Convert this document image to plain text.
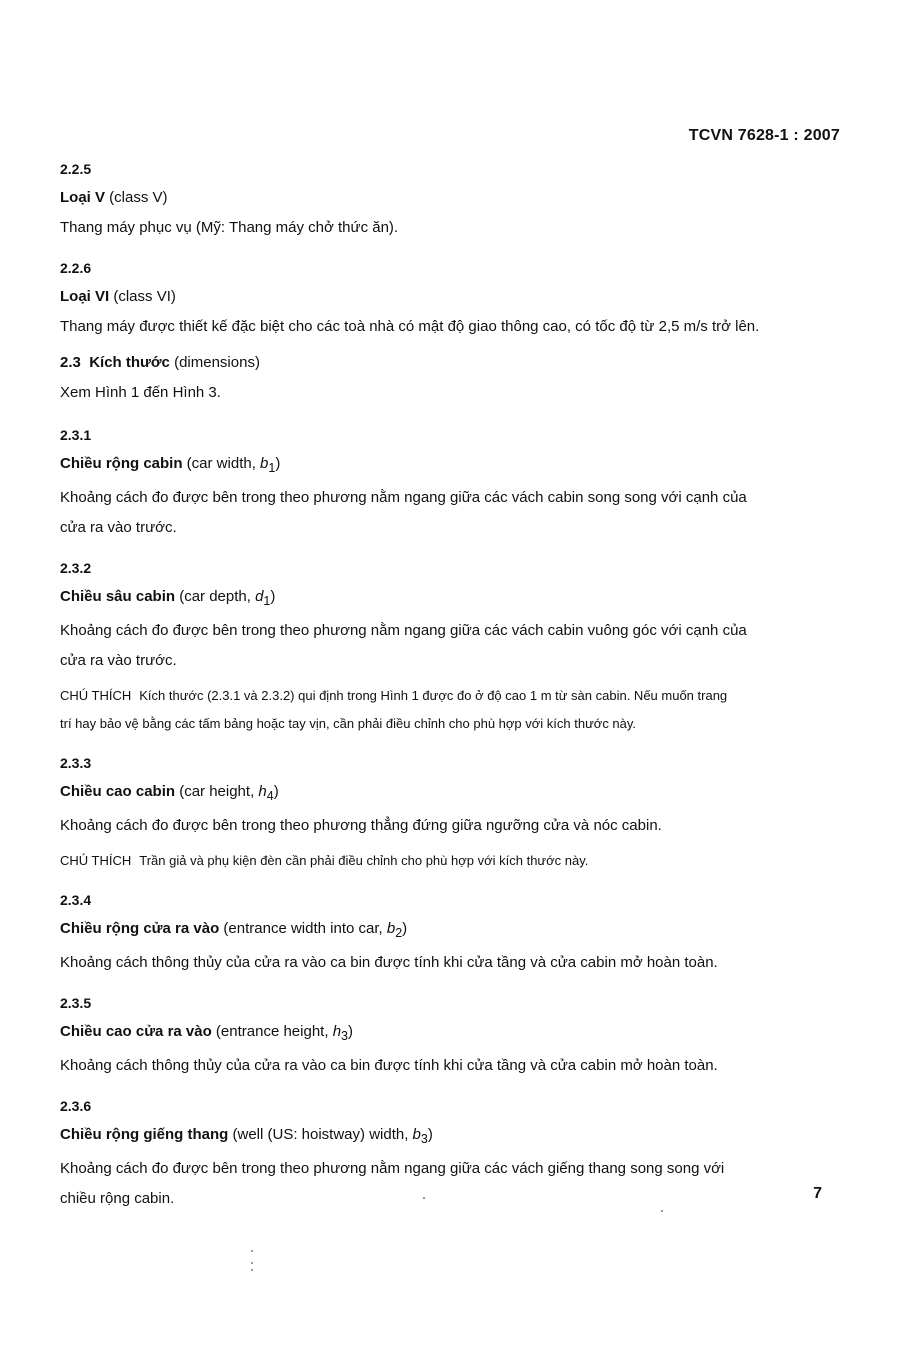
TCVN 7628-1 : 2007

2.2.5

Loại V (class V)

Thang máy phục vụ (Mỹ: Thang máy chở thức ăn).

2.2.6

Loại VI (class VI)

Thang máy được thiết kế đặc biệt cho các toà nhà có mật độ giao thông cao, có tốc độ từ 2,5 m/s trở lên.

2.3 Kích thước (dimensions)

Xem Hình 1 đến Hình 3.

2.3.1

Chiều rộng cabin (car width, $b_1$)

Khoảng cách đo được bên trong theo phương nằm ngang giữa các vách cabin song song với cạnh của
cửa ra vào trước.

2.3.2

Chiều sâu cabin (car depth, $d_1$)

Khoảng cách đo được bên trong theo phương nằm ngang giữa các vách cabin vuông góc với cạnh của
cửa ra vào trước.

CHÚ THÍCH Kích thước (2.3.1 và 2.3.2) qui định trong Hình 1 được đo ở độ cao 1 m từ sàn cabin. Nếu muốn trang
trí hay bảo vệ bằng các tấm bảng hoặc tay vịn, cần phải điều chỉnh cho phù hợp với kích thước này.

2.3.3

Chiều cao cabin (car height, $h_4$)

Khoảng cách đo được bên trong theo phương thẳng đứng giữa ngưỡng cửa và nóc cabin.

CHÚ THÍCH Trần giả và phụ kiện đèn cần phải điều chỉnh cho phù hợp với kích thước này.

2.3.4

Chiều rộng cửa ra vào (entrance width into car, $b_2$)

Khoảng cách thông thủy của cửa ra vào ca bin được tính khi cửa tầng và cửa cabin mở hoàn toàn.

2.3.5

Chiều cao cửa ra vào (entrance height, $h_3$)

Khoảng cách thông thủy của cửa ra vào ca bin được tính khi cửa tầng và cửa cabin mở hoàn toàn.

2.3.6

Chiều rộng giếng thang (well (US: hoistway) width, $b_3$)

Khoảng cách đo được bên trong theo phương nằm ngang giữa các vách giếng thang song song với
chiều rộng cabin.	7
